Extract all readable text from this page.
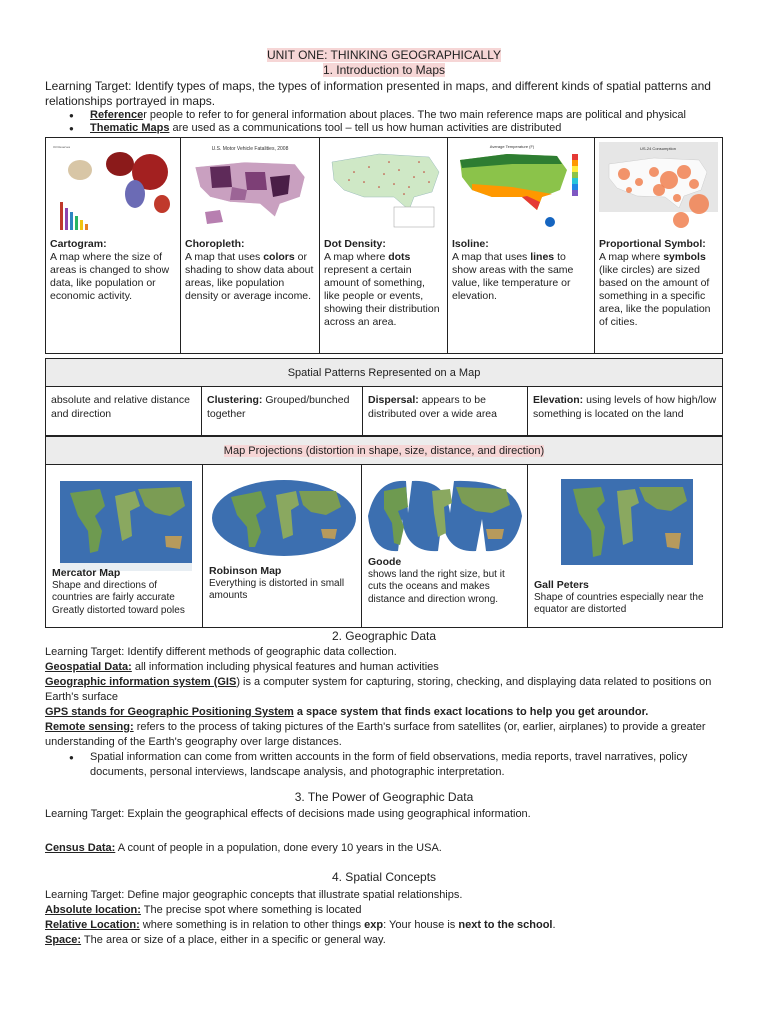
UNIT ONE: THINKING GEOGRAPHICALLY
1. Introduction to Maps
Learning Target: Identify types of maps, the types of information presented in maps, and different kinds of spatial patterns and relationships portrayed in maps.
● Referencer people to refer to for general information about places. The two main reference maps are political and physical
● Thematic Maps are used as a communications tool – tell us how human activities are distributed
Oil Reserves
Cartogram:
A map where the size of areas is changed to show data, like population or economic activity.
U.S. Motor Vehicle Fatalities, 2008
Choropleth:
A map that uses colors or shading to show data about areas, like population density or average income.
Dot Density:
A map where dots represent a certain amount of something, like people or events, showing their distribution across an area.
Average Temperature (F)
Isoline:
A map that uses lines to show areas with the same value, like temperature or elevation.
US-24 Consumption
Proportional Symbol:
A map where symbols (like circles) are sized based on the amount of something in a specific area, like the population of cities.
Spatial Patterns Represented on a Map
absolute and relative distance and direction
Clustering: Grouped/bunched together
Dispersal: appears to be distributed over a wide area
Elevation: using levels of how high/low something is located on the land
Map Projections (distortion in shape, size, distance, and direction)
Mercator Map
Shape and directions of countries are fairly accurate
Greatly distorted toward poles
Robinson Map
Everything is distorted in small amounts
Goode
shows land the right size, but it cuts the oceans and makes distance and direction wrong.
Gall Peters
Shape of countries especially near the equator are distorted
2. Geographic Data
Learning Target: Identify different methods of geographic data collection.
Geospatial Data: all information including physical features and human activities
Geographic information system (GIS) is a computer system for capturing, storing, checking, and displaying data related to positions on Earth's surface
GPS stands for Geographic Positioning System a space system that finds exact locations to help you get aroundor.
Remote sensing: refers to the process of taking pictures of the Earth's surface from satellites (or, earlier, airplanes) to provide a greater understanding of the Earth's geography over large distances.
● Spatial information can come from written accounts in the form of field observations, media reports, travel narratives, policy documents, personal interviews, landscape analysis, and photographic interpretation.
3. The Power of Geographic Data
Learning Target: Explain the geographical effects of decisions made using geographical information.
Census Data: A count of people in a population, done every 10 years in the USA.
4. Spatial Concepts
Learning Target: Define major geographic concepts that illustrate spatial relationships.
Absolute location: The precise spot where something is located
Relative Location: where something is in relation to other things exp: Your house is next to the school.
Space: The area or size of a place, either in a specific or general way.
